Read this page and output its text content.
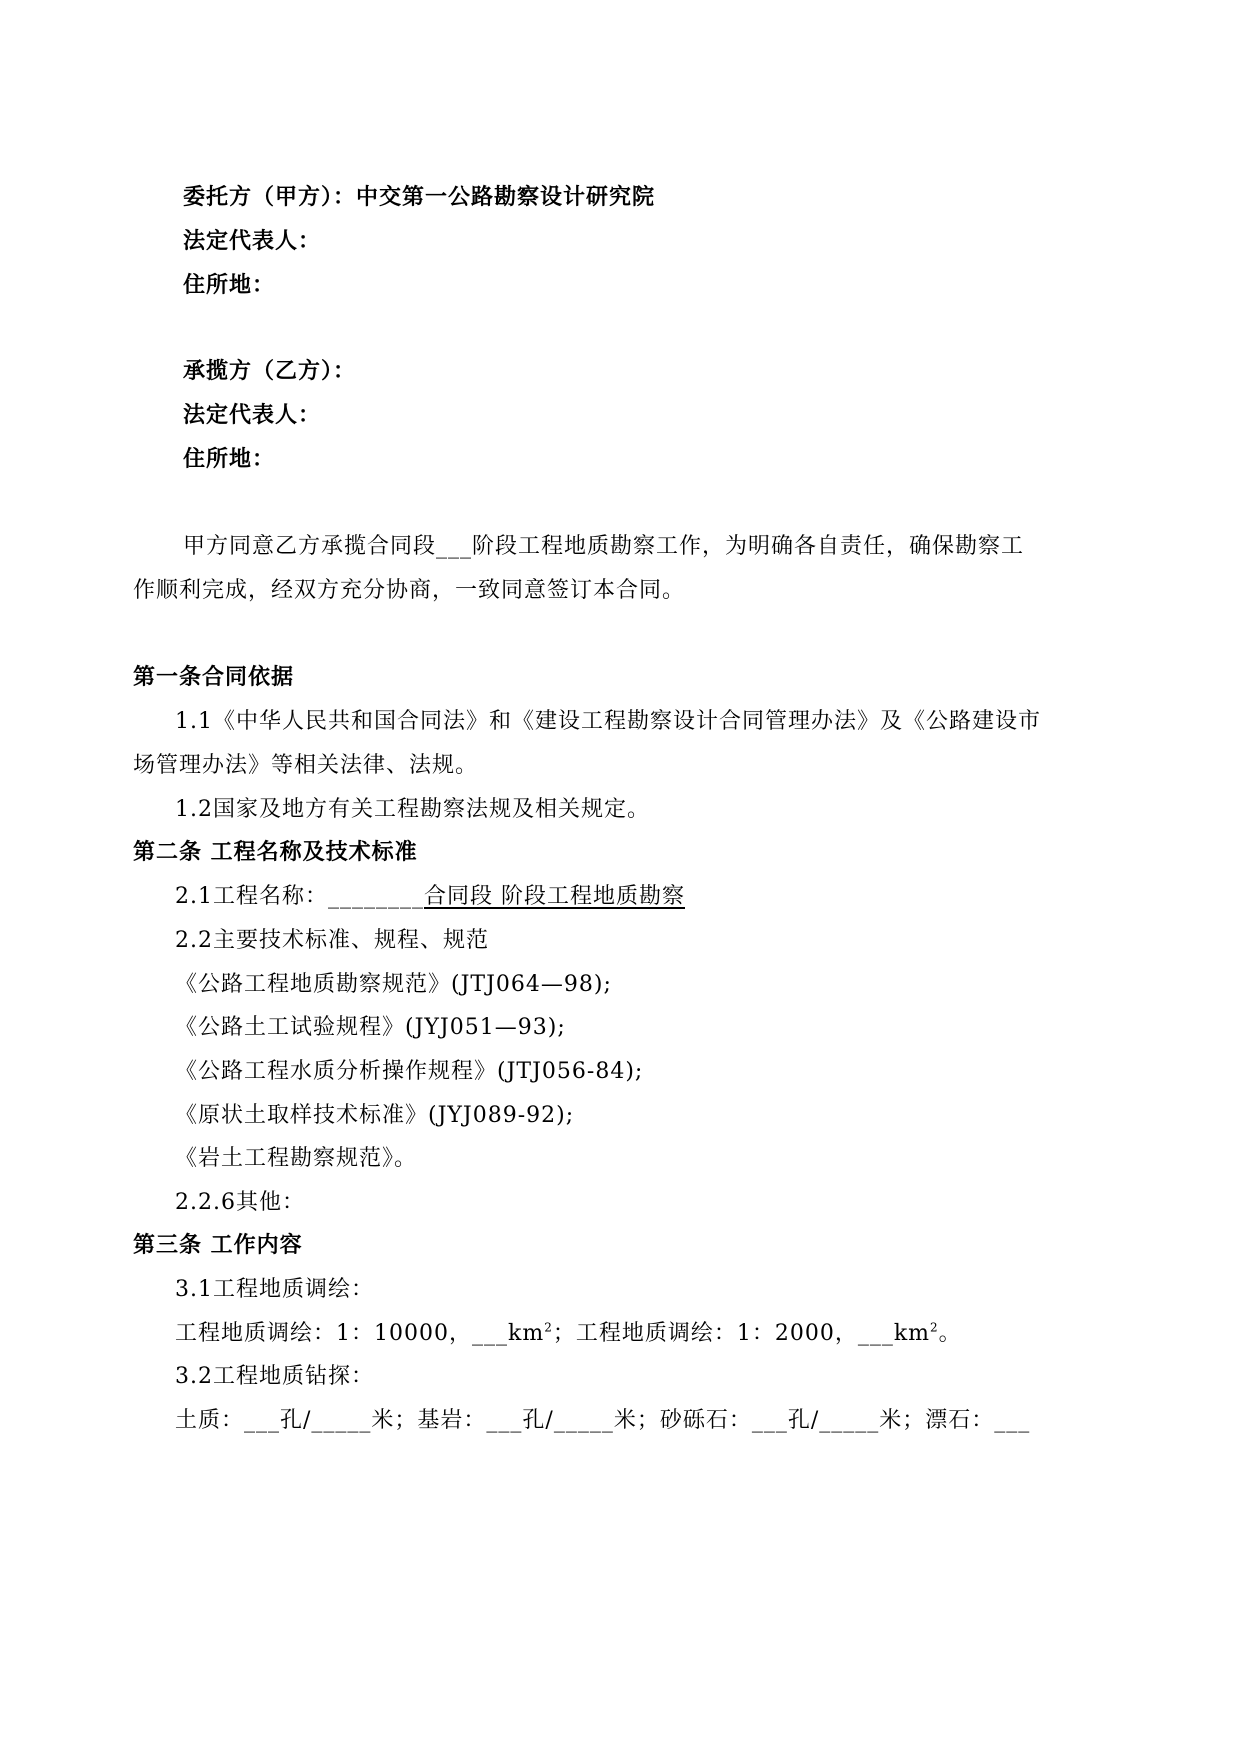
委托方（甲方）：中交第一公路勘察设计研究院
法定代表人：
住所地：
承揽方（乙方）：
法定代表人：
住所地：
甲方同意乙方承揽合同段___阶段工程地质勘察工作，为明确各自责任，确保勘察工
作顺利完成，经双方充分协商，一致同意签订本合同。
第一条合同依据
1.1《中华人民共和国合同法》和《建设工程勘察设计合同管理办法》及《公路建设市
场管理办法》等相关法律、法规。
1.2国家及地方有关工程勘察法规及相关规定。
第二条 工程名称及技术标准
2.1工程名称：________合同段 阶段工程地质勘察
2.2主要技术标准、规程、规范
《公路工程地质勘察规范》(JTJ064—98);
《公路土工试验规程》(JYJ051—93);
《公路工程水质分析操作规程》(JTJ056-84);
《原状土取样技术标准》(JYJ089-92);
《岩土工程勘察规范》。
2.2.6其他：
第三条 工作内容
3.1工程地质调绘：
工程地质调绘：1：10000，$\_\_\_km^2$；工程地质调绘：1：2000，$\_\_\_km^2$。
3.2工程地质钻探：
土质：___孔/_____米；基岩：___孔/_____米；砂砾石：___孔/_____米；漂石：___
